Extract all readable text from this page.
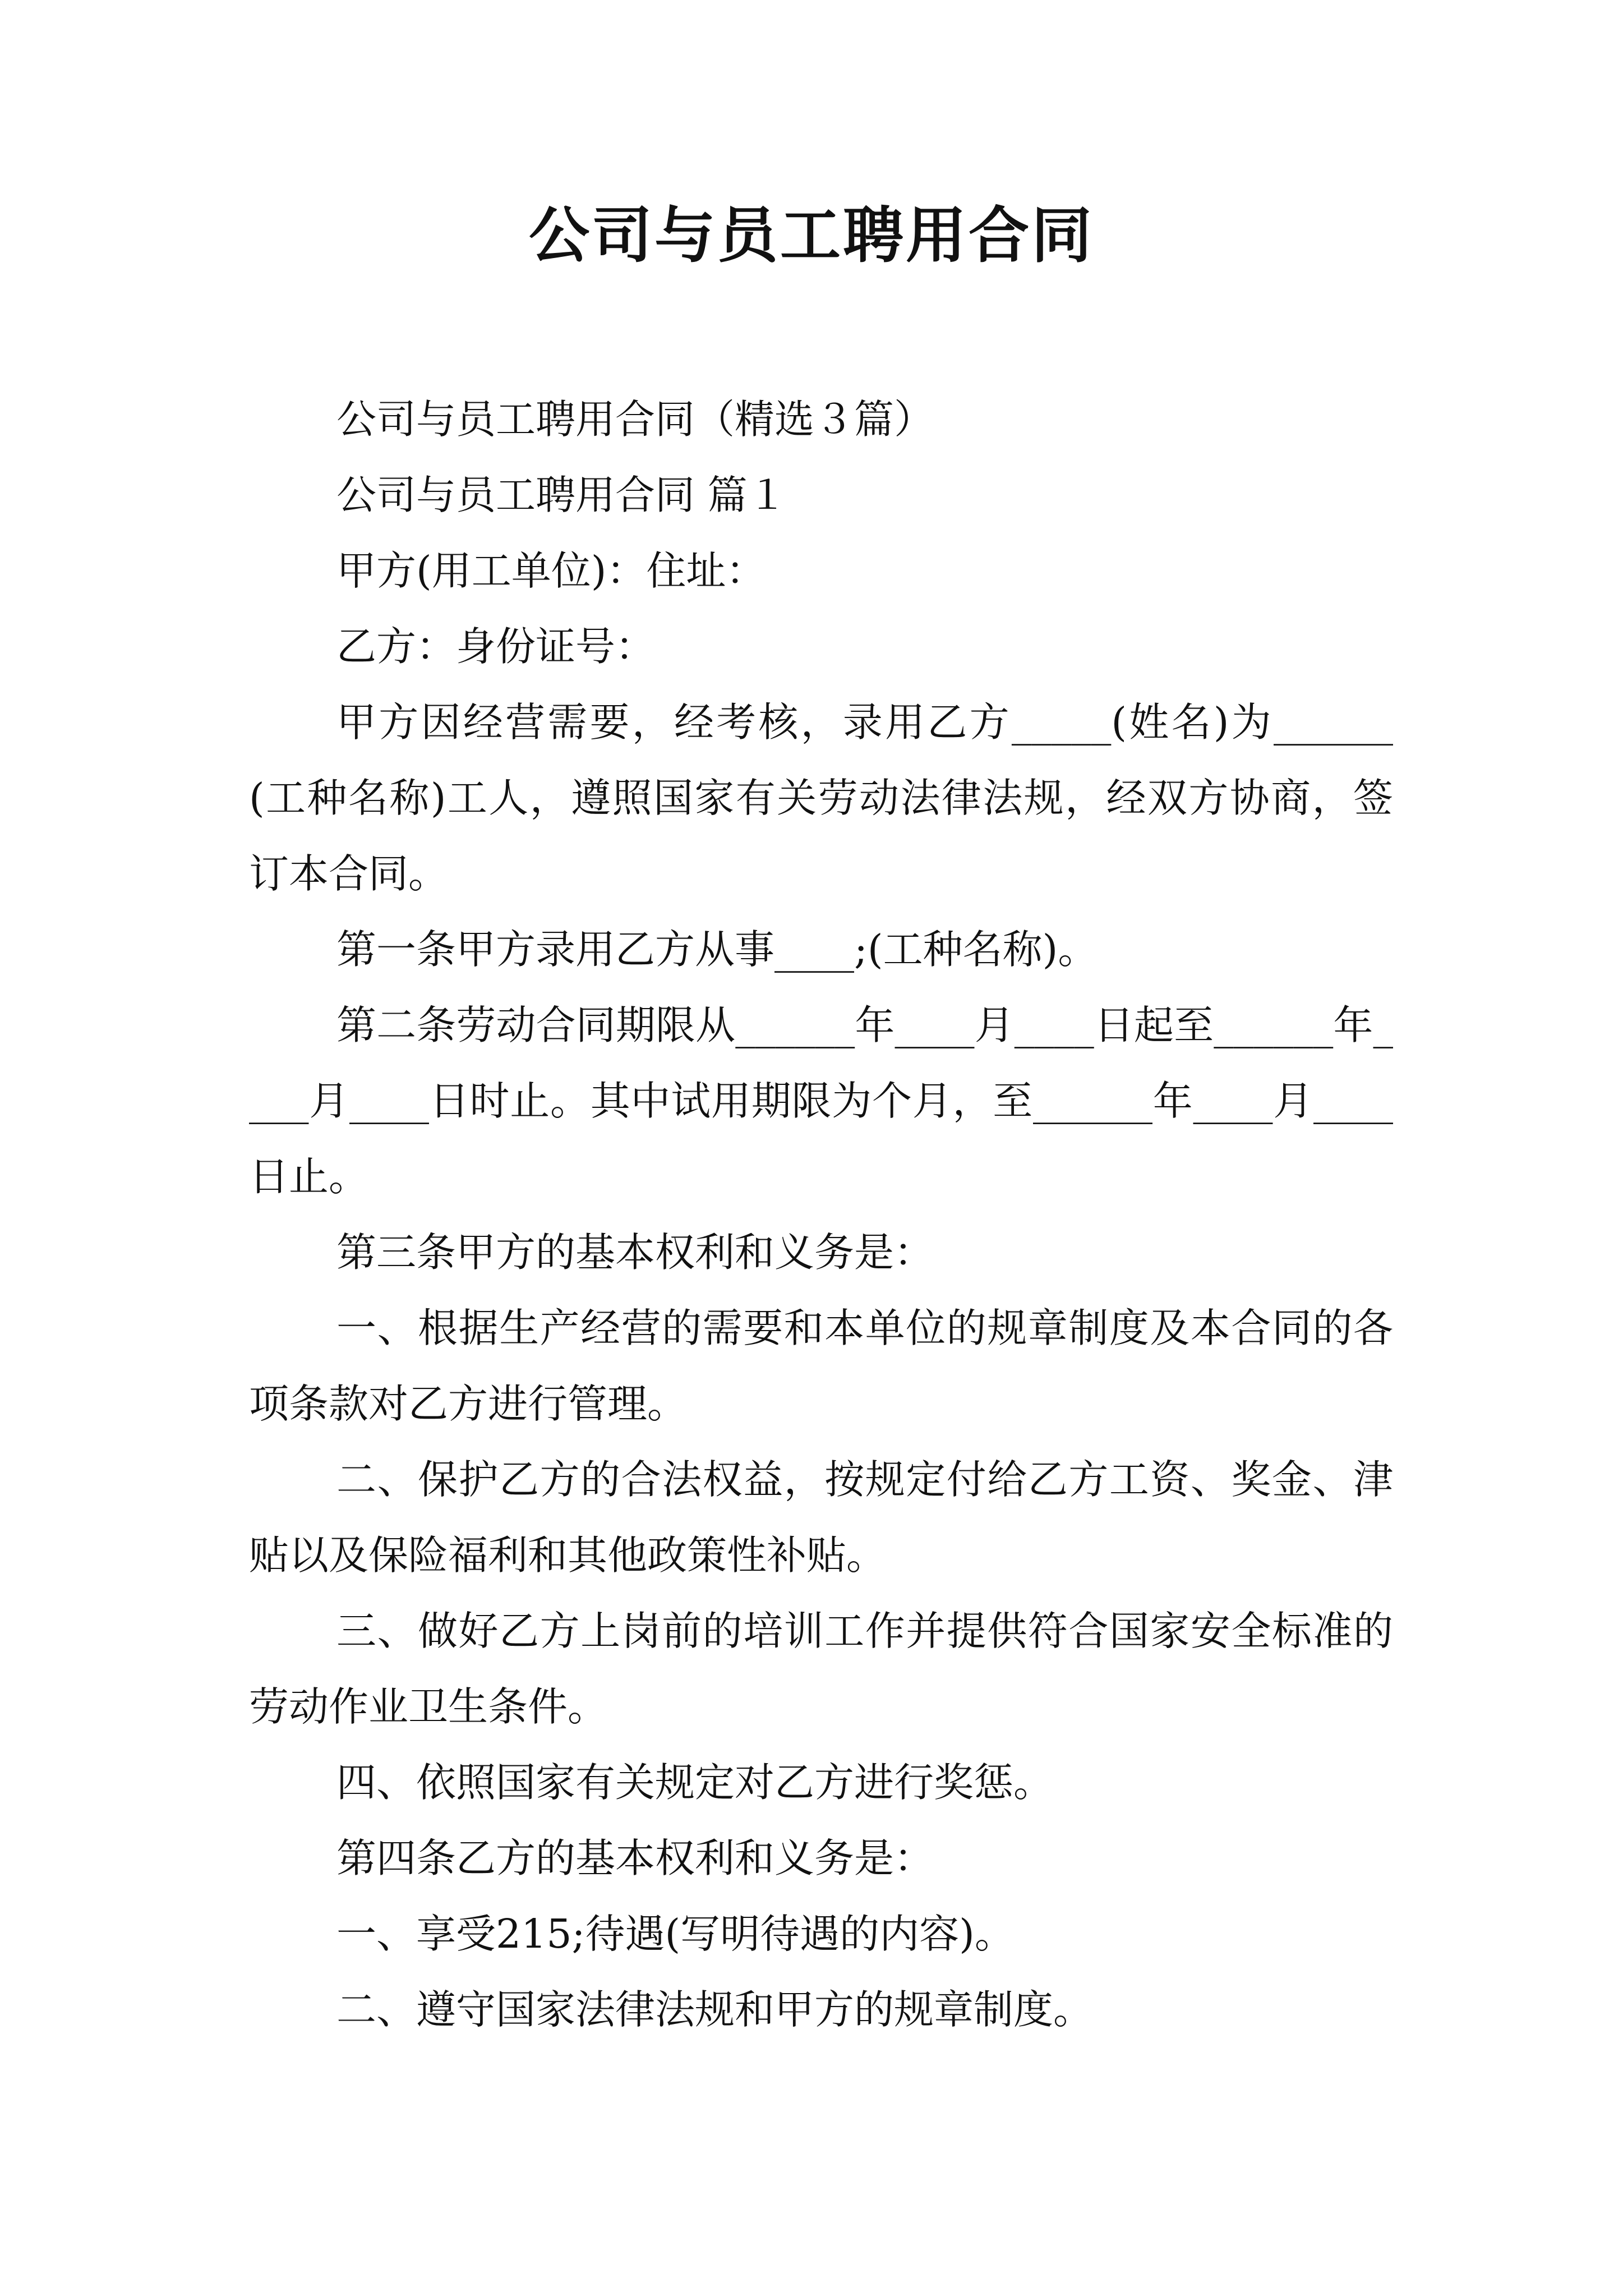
公司与员工聘用合同

公司与员工聘用合同（精选３篇）

公司与员工聘用合同 篇１

甲方(用工单位)：住址：

乙方：身份证号：

甲方因经营需要，经考核，录用乙方_____(姓名)为______(工种名称)工人，遵照国家有关劳动法律法规，经双方协商，签订本合同。

第一条甲方录用乙方从事____;(工种名称)。

第二条劳动合同期限从______年____月____日起至______年____月____日时止。其中试用期限为个月，至______年____月____日止。

第三条甲方的基本权利和义务是：

一、根据生产经营的需要和本单位的规章制度及本合同的各项条款对乙方进行管理。

二、保护乙方的合法权益，按规定付给乙方工资、奖金、津贴以及保险福利和其他政策性补贴。

三、做好乙方上岗前的培训工作并提供符合国家安全标准的劳动作业卫生条件。

四、依照国家有关规定对乙方进行奖惩。

第四条乙方的基本权利和义务是：

一、享受215;待遇(写明待遇的内容)。

二、遵守国家法律法规和甲方的规章制度。
